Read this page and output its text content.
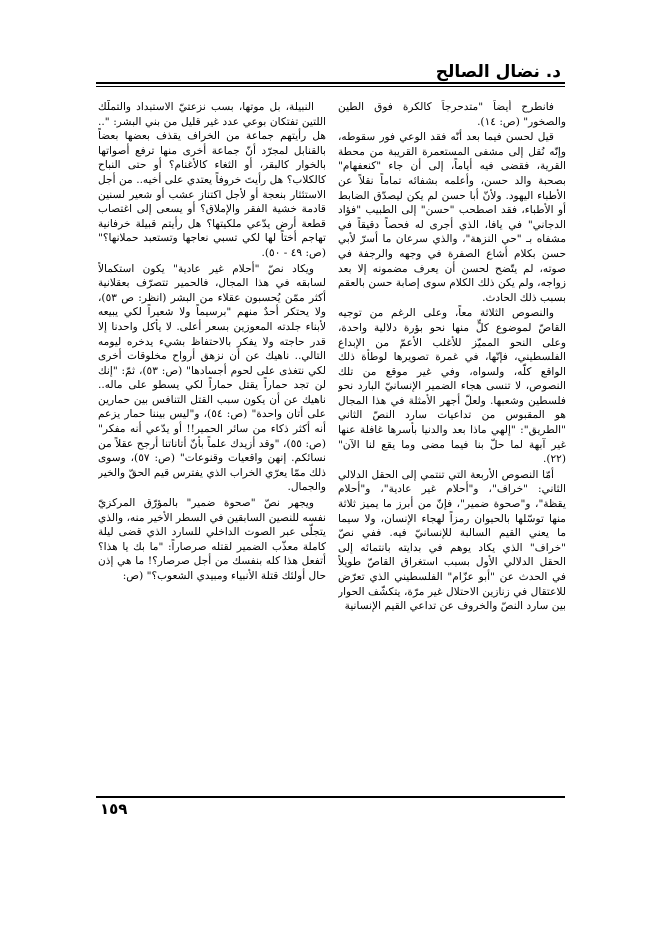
د. نضال الصالح

فانطرح أيضاً "متدحرجاً كالكرة فوق الطين والصخور" (ص: ١٤).

قيل لحسن فيما بعد أنّه فقد الوعي فور سقوطه، وإنّه نُقل إلى مشفى المستعمرة القريبة من محطة القرية، فقضى فيه أياماً، إلى أن جاء "كنعفهام" بصحبة والد حسن، وأعلمه بشفائه تماماً نقلاً عن الأطباء اليهود. ولأنّ أبا حسن لم يكن ليصدّق الضابط أو الأطباء، فقد اصطحب "حسن" إلى الطبيب "فؤاد الدجاني" في يافا، الذي أجرى له فحصاً دقيقاً في مشفاه بـ "حي النزهة"، والذي سرعان ما أسرّ لأبي حسن بكلام أشاع الصفرة في وجهه والرجفة في صوته، لم يتّضح لحسن أن يعرف مضمونه إلا بعد زواجه، ولم يكن ذلك الكلام سوى إصابة حسن بالعقم بسبب ذلك الحادث.

والنصوص الثلاثة معاً، وعلى الرغم من توجيه القاصّ لموضوع كلٍّ منها نحو بؤرة دلالية واحدة، وعلى النحو المميّز للأغلب الأعمّ من الإبداع الفلسطيني، فإنّها، في غمرة تصويرها لوطأة ذلك الواقع كلّه، ولسواه، وفي غير موقع من تلك النصوص، لا تنسى هجاء الضمير الإنسانيّ البارد نحو فلسطين وشعبها. ولعلّ أجهر الأمثلة في هذا المجال هو المقبوس من تداعيات سارد النصّ الثاني "الطريق": "إلهي ماذا بعد والدنيا بأسرها غافلة عنها غير آبهة لما حلّ بنا فيما مضى وما يقع لنا الآن" (٢٢).

أمّا النصوص الأربعة التي تنتمي إلى الحقل الدلالي الثاني: "خراف"، و"أحلام غير عادية"، و"أحلام يقظة"، و"صحوة ضمير"، فإنّ من أبرز ما يميز ثلاثة منها توسّلها بالحيوان رمزاً لهجاء الإنسان، ولا سيما ما يعني القيم السالبة للإنسانيّ فيه. ففي نصّ "خراف" الذي يكاد يوهم في بدايته بانتمائه إلى الحقل الدلالي الأول بسبب استغراق القاصّ طويلاً في الحدث عن "أبو عزّام" الفلسطيني الذي تعرّض للاعتقال في زنازين الاحتلال غير مرّة، يتكشّف الحوار بين سارد النصّ والخروف عن تداعي القيم الإنسانية

النبيلة، بل موتها، بسب نزعتيّ الاستبداد والتملّك اللتين تفتكان بوعي عدد غير قليل من بني البشر: ".. هل رأيتهم جماعة من الخراف يقذف بعضها بعضاً بالقنابل لمجرّد أنّ جماعة أخرى منها ترفع أصواتها بالخوار كالبقر، أو الثغاء كالأغنام؟ أو حتى النباح كالكلاب؟ هل رأيتَ خروفاً يعتدي على أخيه.. من أجل الاستئثار بنعجة أو لأجل اكتناز عشب أو شعير لسنين قادمة خشية الفقر والإملاق؟ أو يسعى إلى اغتصاب قطعة أرض يدّعي ملكيتها؟ هل رأيتم قبيلة خرفانية تهاجم أختاً لها لكي تسبي نعاجها وتستعبد حملانها؟" (ص: ٤٩ - ٥٠).

ويكاد نصّ "أحلام غير عادية" يكون استكمالاً لسابقه في هذا المجال، فالحمير تتصرّف بعقلانية أكثر ممّن يُحسبون عقلاء من البشر (انظر: ص ٥٣)، ولا يحتكر أحدٌ منهم "برسيماً ولا شعيراً لكي يبيعه لأبناء جلدته المعوزين بسعر أعلى. لا يأكل واحدنا إلا قدر حاجته ولا يفكر بالاحتفاظ بشيء يدخره ليومه التالي.. ناهيك عن أن نزهق أرواح مخلوقات أخرى لكي نتغذى على لحوم أجسادها" (ص: ٥٣)، ثمّ: "إنك لن تجد حماراً يقتل حماراً لكي يسطو على ماله.. ناهيك عن أن يكون سبب القتل التنافس بين حمارين على أتان واحدة" (ص: ٥٤)، و"ليس بيننا حمار يزعم أنه أكثر ذكاء من سائر الحمير!! أو يدّعي أنه مفكر" (ص: ٥٥)، "وقد أزيدك علماً بأنّ أتاناتنا أرجح عقلاً من نسائكم. إنهن واقعيات وقنوعات" (ص: ٥٧)، وسوى ذلك ممّا يعرّي الخراب الذي يفترس قيم الحقّ والخير والجمال.

ويجهر نصّ "صحوة ضمير" بالمؤرّق المركزيّ نفسه للنصين السابقين في السطر الأخير منه، والذي يتجلّى عبر الصوت الداخلي للسارد الذي قضى ليلة كاملة معذّب الضمير لقتله صرصاراً: "ما بك يا هذا؟ أتفعل هذا كله بنفسك من أجل صرصار؟! ما هي إذن حال أولئك قتلة الأنبياء ومبيدي الشعوب؟" (ص:

١٥٩
